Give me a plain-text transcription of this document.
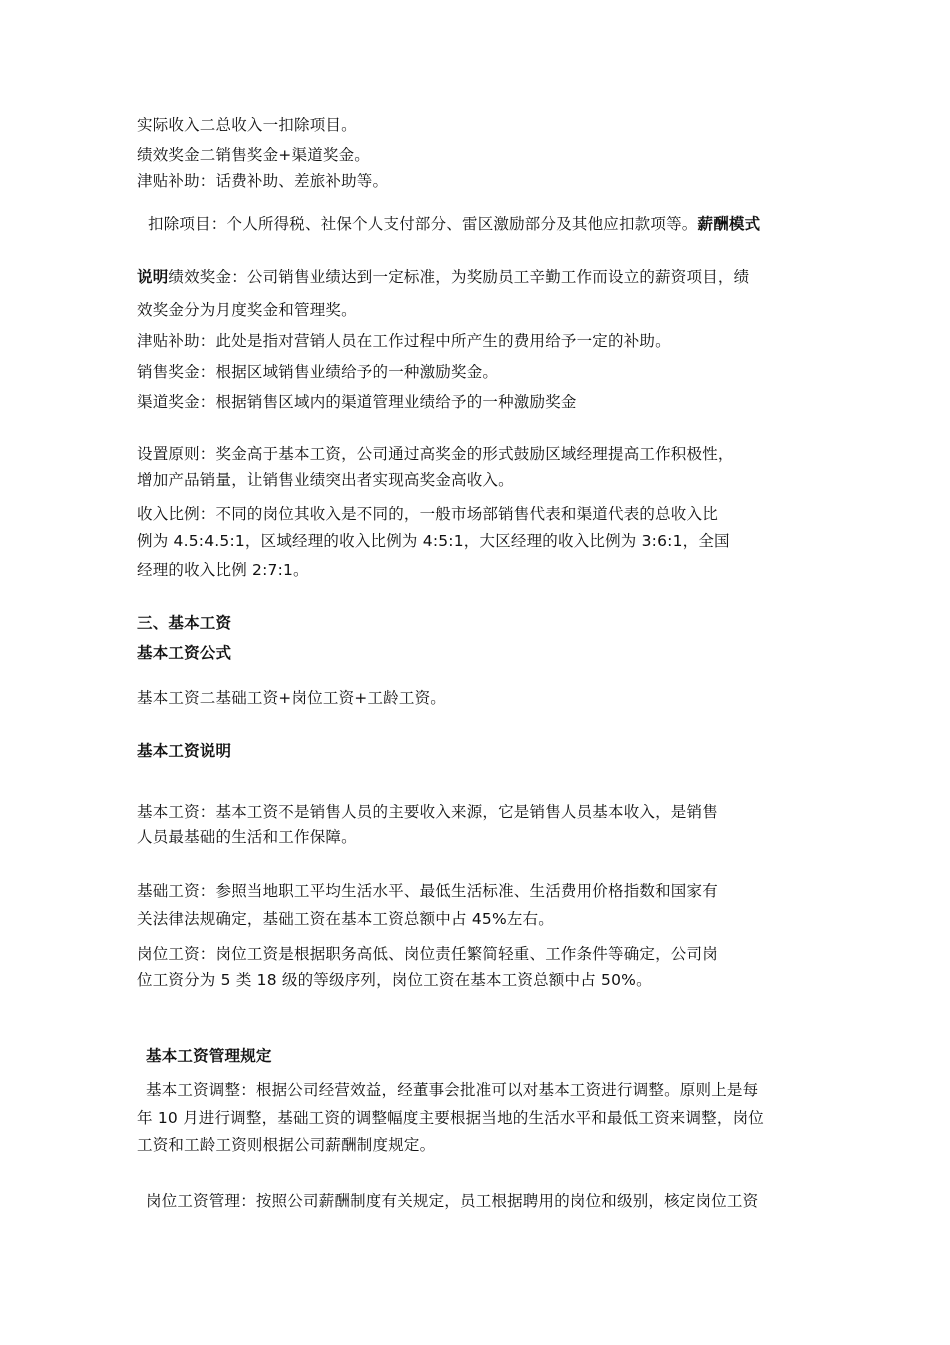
实际收入二总收入一扣除项目。
绩效奖金二销售奖金+渠道奖金。
津贴补助：话费补助、差旅补助等。
扣除项目：个人所得税、社保个人支付部分、雷区激励部分及其他应扣款项等。薪酬模式
说明绩效奖金：公司销售业绩达到一定标准，为奖励员工辛勤工作而设立的薪资项目，绩
效奖金分为月度奖金和管理奖。
津贴补助：此处是指对营销人员在工作过程中所产生的费用给予一定的补助。
销售奖金：根据区域销售业绩给予的一种激励奖金。
渠道奖金：根据销售区域内的渠道管理业绩给予的一种激励奖金
设置原则：奖金高于基本工资，公司通过高奖金的形式鼓励区域经理提高工作积极性，
增加产品销量，让销售业绩突出者实现高奖金高收入。
收入比例：不同的岗位其收入是不同的，一般市场部销售代表和渠道代表的总收入比
例为 4.5:4.5:1，区域经理的收入比例为 4:5:1，大区经理的收入比例为 3:6:1，全国
经理的收入比例 2:7:1。
三、基本工资
基本工资公式
基本工资二基础工资+岗位工资+工龄工资。
基本工资说明
基本工资：基本工资不是销售人员的主要收入来源，它是销售人员基本收入，是销售
人员最基础的生活和工作保障。
基础工资：参照当地职工平均生活水平、最低生活标准、生活费用价格指数和国家有
关法律法规确定，基础工资在基本工资总额中占 45%左右。
岗位工资：岗位工资是根据职务高低、岗位责任繁简轻重、工作条件等确定，公司岗
位工资分为 5 类 18 级的等级序列，岗位工资在基本工资总额中占 50%。
基本工资管理规定
基本工资调整：根据公司经营效益，经董事会批准可以对基本工资进行调整。原则上是每
年 10 月进行调整，基础工资的调整幅度主要根据当地的生活水平和最低工资来调整，岗位
工资和工龄工资则根据公司薪酬制度规定。
岗位工资管理：按照公司薪酬制度有关规定，员工根据聘用的岗位和级别，核定岗位工资
